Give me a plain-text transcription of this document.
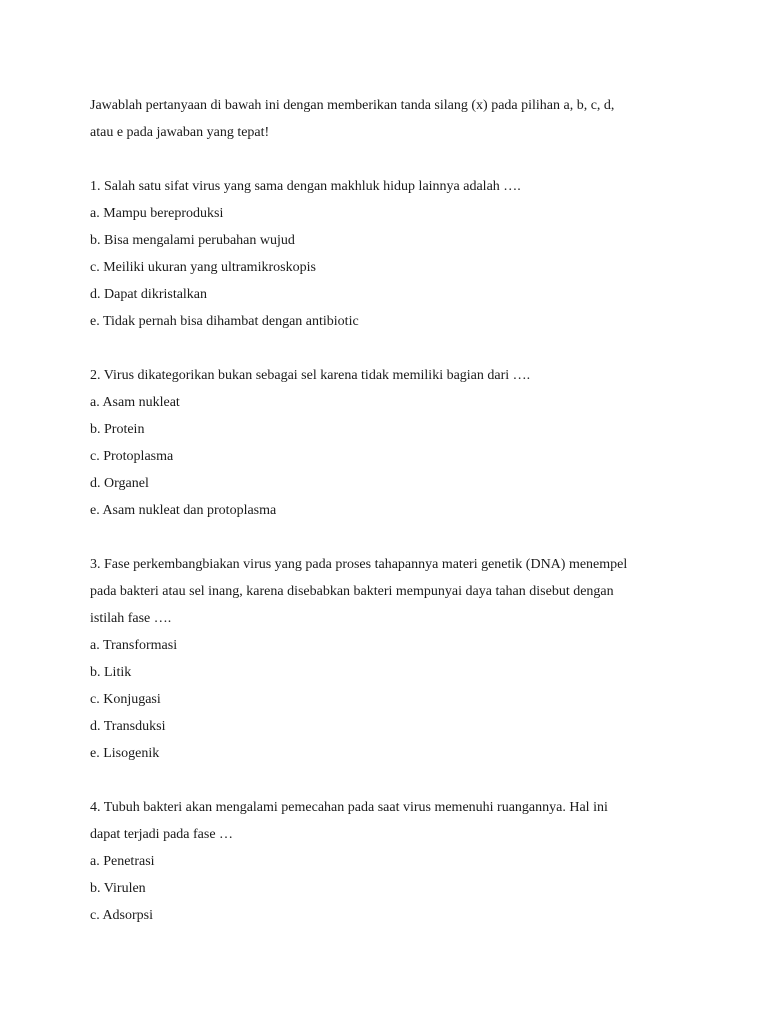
Jawablah pertanyaan di bawah ini dengan memberikan tanda silang (x) pada pilihan a, b, c, d,
atau e pada jawaban yang tepat!
1. Salah satu sifat virus yang sama dengan makhluk hidup lainnya adalah ….
a. Mampu bereproduksi
b. Bisa mengalami perubahan wujud
c. Meiliki ukuran yang ultramikroskopis
d. Dapat dikristalkan
e. Tidak pernah bisa dihambat dengan antibiotic
2. Virus dikategorikan bukan sebagai sel karena tidak memiliki bagian dari ….
a. Asam nukleat
b. Protein
c. Protoplasma
d. Organel
e. Asam nukleat dan protoplasma
3. Fase perkembangbiakan virus yang pada proses tahapannya materi genetik (DNA) menempel
pada bakteri atau sel inang, karena disebabkan bakteri mempunyai daya tahan disebut dengan
istilah fase ….
a. Transformasi
b. Litik
c. Konjugasi
d. Transduksi
e. Lisogenik
4. Tubuh bakteri akan mengalami pemecahan pada saat virus memenuhi ruangannya. Hal ini
dapat terjadi pada fase …
a. Penetrasi
b. Virulen
c. Adsorpsi
